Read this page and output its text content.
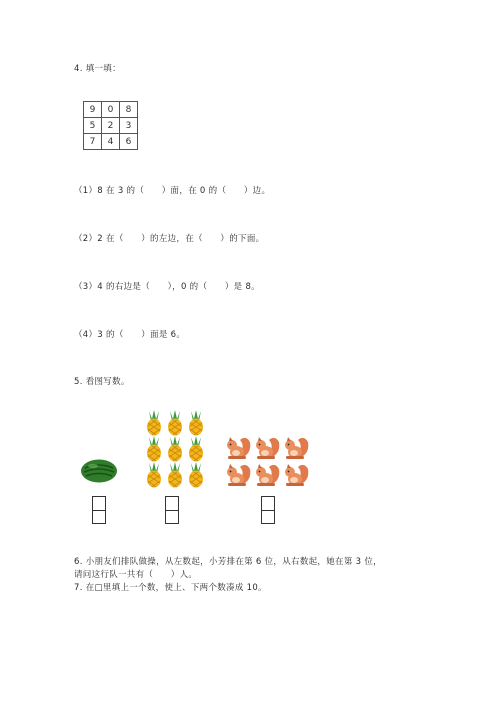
4. 填一填：
9	0	8
5	2	3
7	4	6
（1）8 在 3 的（　　）面，在 0 的（　　）边。
（2）2 在（　　）的左边，在（　　）的下面。
（3）4 的右边是（　　），0 的（　　）是 8。
（4）3 的（　　）面是 6。
5. 看图写数。
6. 小朋友们排队做操，从左数起，小芳排在第 6 位，从右数起，她在第 3 位，
请问这行队一共有（　　）人。
7. 在□里填上一个数，使上、下两个数凑成 10。
